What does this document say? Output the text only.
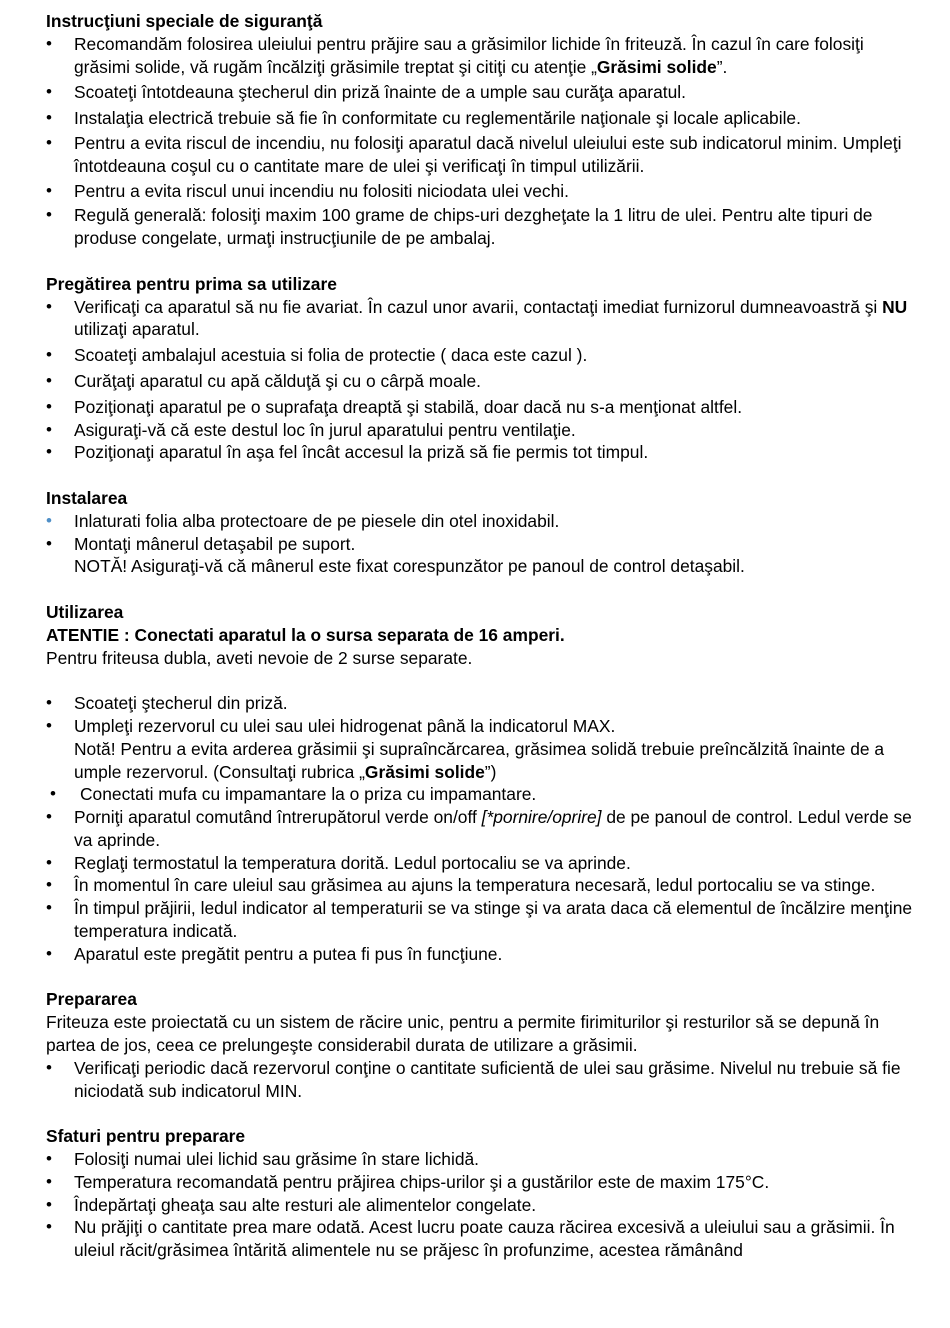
Instrucţiuni speciale de siguranţă
• Recomandăm folosirea uleiului pentru prăjire sau a grăsimilor lichide în friteuză. În cazul în care folosiţi grăsimi solide, vă rugăm încălziţi grăsimile treptat şi citiţi cu atenţie „Grăsimi solide”.
• Scoateţi întotdeauna ştecherul din priză înainte de a umple sau curăţa aparatul.
• Instalaţia electrică trebuie să fie în conformitate cu reglementările naţionale şi locale aplicabile.
• Pentru a evita riscul de incendiu, nu folosiţi aparatul dacă nivelul uleiului este sub indicatorul minim. Umpleţi întotdeauna coşul cu o cantitate mare de ulei şi verificaţi în timpul utilizării.
• Pentru a evita riscul unui incendiu nu folositi niciodata ulei vechi.
• Regulă generală: folosiţi maxim 100 grame de chips-uri dezgheţate la 1 litru de ulei. Pentru alte tipuri de produse congelate, urmaţi instrucţiunile de pe ambalaj.
Pregătirea pentru prima sa utilizare
• Verificaţi ca aparatul să nu fie avariat. În cazul unor avarii, contactaţi imediat furnizorul dumneavoastră şi NU utilizaţi aparatul.
• Scoateţi ambalajul acestuia si folia de protectie ( daca este cazul ).
• Curăţaţi aparatul cu apă călduţă şi cu o cârpă moale.
• Poziţionaţi aparatul pe o suprafaţa dreaptă şi stabilă, doar dacă nu s-a menţionat altfel.
• Asiguraţi-vă că este destul loc în jurul aparatului pentru ventilaţie.
• Poziţionaţi aparatul în aşa fel încât accesul la priză să fie permis tot timpul.
Instalarea
• Inlaturati folia alba protectoare de pe piesele din otel inoxidabil.
• Montaţi mânerul detaşabil pe suport.
NOTĂ! Asiguraţi-vă că mânerul este fixat corespunzător pe panoul de control detaşabil.
Utilizarea
ATENTIE : Conectati aparatul la o sursa separata de 16 amperi.

Pentru friteusa dubla, aveti nevoie de 2 surse separate.

• Scoateţi ştecherul din priză.
• Umpleţi rezervorul cu ulei sau ulei hidrogenat până la indicatorul MAX.
Notă! Pentru a evita arderea grăsimii şi supraîncărcarea, grăsimea solidă trebuie preîncălzită înainte de a umple rezervorul. (Consultaţi rubrica „Grăsimi solide”)
• Conectati mufa cu impamantare la o priza cu impamantare.
• Porniţi aparatul comutând întrerupătorul verde on/off [*pornire/oprire] de pe panoul de control. Ledul verde se va aprinde.
• Reglaţi termostatul la temperatura dorită. Ledul portocaliu se va aprinde.
• În momentul în care uleiul sau grăsimea au ajuns la temperatura necesară, ledul portocaliu se va stinge.
• În timpul prăjirii, ledul indicator al temperaturii se va stinge şi va arata daca că elementul de încălzire menţine temperatura indicată.
• Aparatul este pregătit pentru a putea fi pus în funcţiune.
Prepararea

Friteuza este proiectată cu un sistem de răcire unic, pentru a permite firimiturilor şi resturilor să se depună în partea de jos, ceea ce prelungeşte considerabil durata de utilizare a grăsimii.

• Verificaţi periodic dacă rezervorul conţine o cantitate suficientă de ulei sau grăsime. Nivelul nu trebuie să fie niciodată sub indicatorul MIN.
Sfaturi pentru preparare
• Folosiţi numai ulei lichid sau grăsime în stare lichidă.
• Temperatura recomandată pentru prăjirea chips-urilor şi a gustărilor este de maxim 175°C.
• Îndepărtaţi gheaţa sau alte resturi ale alimentelor congelate.
• Nu prăjiţi o cantitate prea mare odată. Acest lucru poate cauza răcirea excesivă a uleiului sau a grăsimii. În uleiul răcit/grăsimea întărită alimentele nu se prăjesc în profunzime, acestea rămânând
